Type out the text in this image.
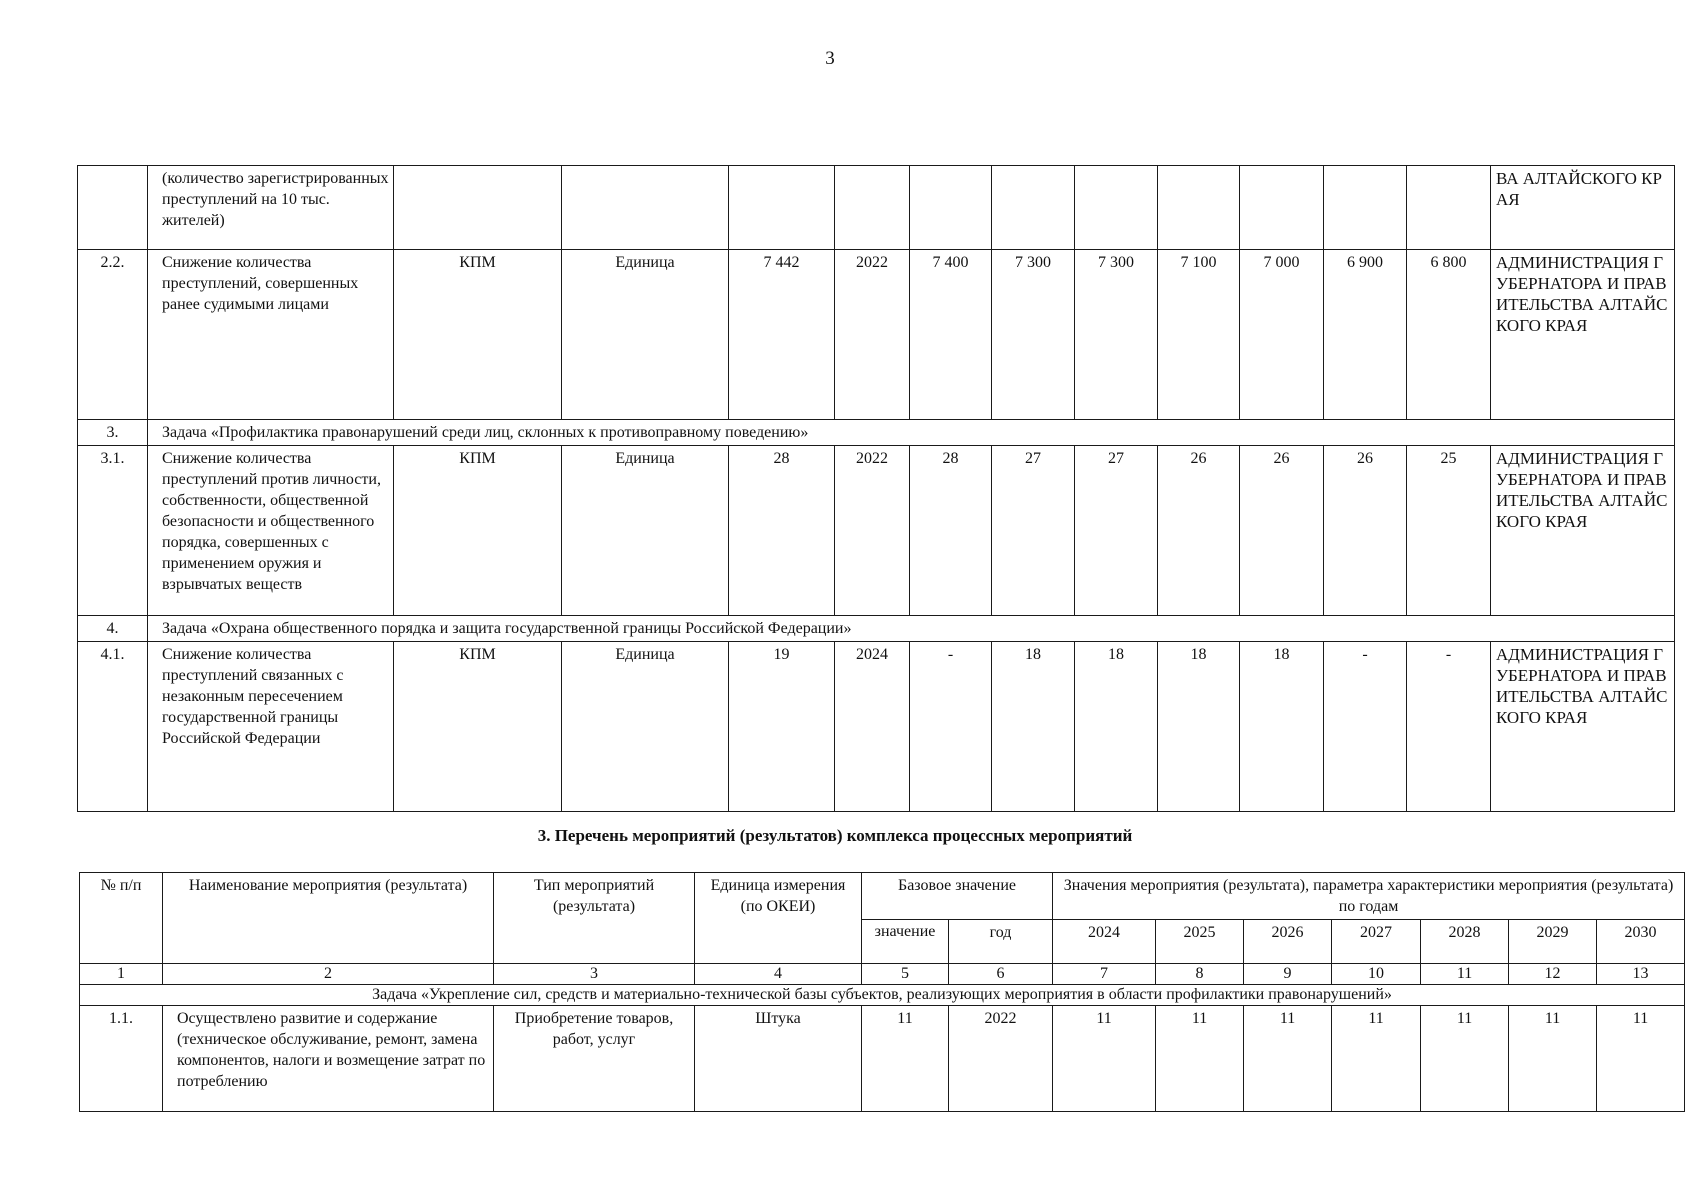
3
	(количество зарегистрированных преступлений на 10 тыс. жителей)												ВА АЛТАЙСКОГО КРАЯ
2.2.	Снижение количества преступлений, совершенных ранее судимыми лицами	КПМ	Единица	7 442	2022	7 400	7 300	7 300	7 100	7 000	6 900	6 800	АДМИНИСТРАЦИЯ ГУБЕРНАТОРА И ПРАВИТЕЛЬСТВА АЛТАЙСКОГО КРАЯ
3.	Задача «Профилактика правонарушений среди лиц, склонных к противоправному поведению»												
3.1.	Снижение количества преступлений против личности, собственности, общественной безопасности и общественного порядка, совершенных с применением оружия и взрывчатых веществ	КПМ	Единица	28	2022	28	27	27	26	26	26	25	АДМИНИСТРАЦИЯ ГУБЕРНАТОРА И ПРАВИТЕЛЬСТВА АЛТАЙСКОГО КРАЯ
4.	Задача «Охрана общественного порядка и защита государственной границы Российской Федерации»												
4.1.	Снижение количества преступлений связанных с незаконным пересечением государственной границы Российской Федерации	КПМ	Единица	19	2024	-	18	18	18	18	-	-	АДМИНИСТРАЦИЯ ГУБЕРНАТОРА И ПРАВИТЕЛЬСТВА АЛТАЙСКОГО КРАЯ
3. Перечень мероприятий (результатов) комплекса процессных мероприятий
№ п/п	Наименование мероприятия (результата)	Тип мероприятий (результата)	Единица измерения (по ОКЕИ)	Базовое значение		Значения мероприятия (результата), параметра характеристики мероприятия (результата) по годам						
				значение	год	2024	2025	2026	2027	2028	2029	2030
1	2	3	4	5	6	7	8	9	10	11	12	13
Задача «Укрепление сил, средств и материально-технической базы субъектов, реализующих мероприятия в области профилактики правонарушений»												
1.1.	Осуществлено развитие и содержание (техническое обслуживание, ремонт, замена компонентов, налоги и возмещение затрат по потреблению	Приобретение товаров, работ, услуг	Штука	11	2022	11	11	11	11	11	11	11
